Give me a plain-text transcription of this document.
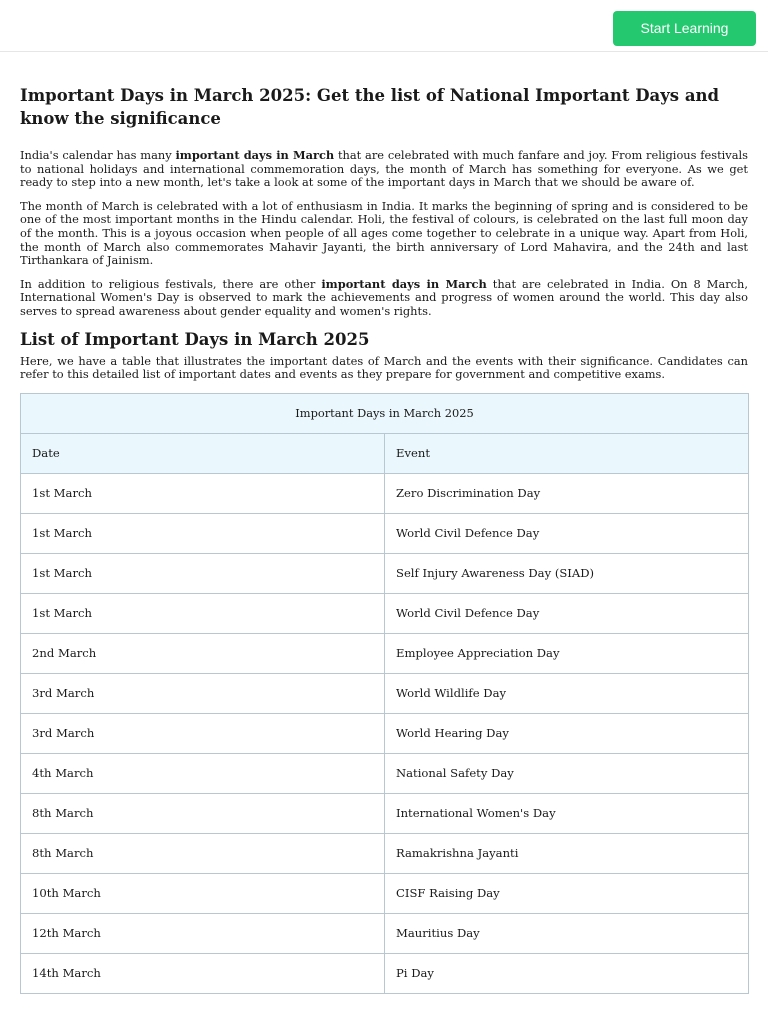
Start Learning
Important Days in March 2025: Get the list of National Important Days and know the significance

India's calendar has many important days in March that are celebrated with much fanfare and joy. From religious festivals to national holidays and international commemoration days, the month of March has something for everyone. As we get ready to step into a new month, let's take a look at some of the important days in March that we should be aware of.

The month of March is celebrated with a lot of enthusiasm in India. It marks the beginning of spring and is considered to be one of the most important months in the Hindu calendar. Holi, the festival of colours, is celebrated on the last full moon day of the month. This is a joyous occasion when people of all ages come together to celebrate in a unique way. Apart from Holi, the month of March also commemorates Mahavir Jayanti, the birth anniversary of Lord Mahavira, and the 24th and last Tirthankara of Jainism.

In addition to religious festivals, there are other important days in March that are celebrated in India. On 8 March, International Women's Day is observed to mark the achievements and progress of women around the world. This day also serves to spread awareness about gender equality and women's rights.

List of Important Days in March 2025

Here, we have a table that illustrates the important dates of March and the events with their significance. Candidates can refer to this detailed list of important dates and events as they prepare for government and competitive exams.

Important Days in March 2025	
Date	Event
1st March	Zero Discrimination Day
1st March	World Civil Defence Day
1st March	Self Injury Awareness Day (SIAD)
1st March	World Civil Defence Day
2nd March	Employee Appreciation Day
3rd March	World Wildlife Day
3rd March	World Hearing Day
4th March	National Safety Day
8th March	International Women's Day
8th March	Ramakrishna Jayanti
10th March	CISF Raising Day
12th March	Mauritius Day
14th March	Pi Day
